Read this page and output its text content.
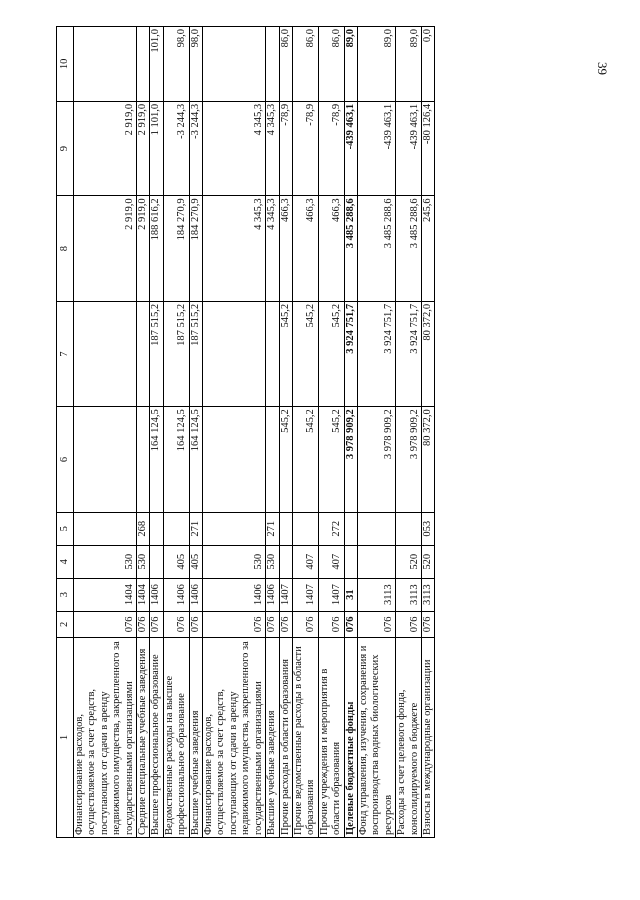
39
1	2	3	4	5	6	7	8	9	10
Финансирование расходов, осуществляемое за счет средств, поступающих от сдачи в аренду недвижимого имущества, закрепленного за государственными организациями	076	1404	530				2 919,0	2 919,0	
Средние специальные учебные заведения	076	1404	530	268			2 919,0	2 919,0	
Высшее профессиональное образование	076	1406			164 124,5	187 515,2	188 616,2	1 101,0	101,0
Ведомственные расходы на высшее профессиональное образование	076	1406	405		164 124,5	187 515,2	184 270,9	-3 244,3	98,0
Высшие учебные заведения	076	1406	405	271	164 124,5	187 515,2	184 270,9	-3 244,3	98,0
Финансирование расходов, осуществляемое за счет средств, поступающих от сдачи в аренду недвижимого имущества, закрепленного за государственными организациями	076	1406	530				4 345,3	4 345,3	
Высшие учебные заведения	076	1406	530	271			4 345,3	4 345,3	
Прочие расходы в области образования	076	1407			545,2	545,2	466,3	-78,9	86,0
Прочие ведомственные расходы в области образования	076	1407	407		545,2	545,2	466,3	-78,9	86,0
Прочие учреждения и мероприятия в области образования	076	1407	407	272	545,2	545,2	466,3	-78,9	86,0
Целевые бюджетные фонды	076	31			3 978 909,2	3 924 751,7	3 485 288,6	-439 463,1	89,0
Фонд управления, изучения, сохранения и воспроизводства водных биологических ресурсов	076	3113			3 978 909,2	3 924 751,7	3 485 288,6	-439 463,1	89,0
Расходы за счет целевого фонда, консолидируемого в бюджете	076	3113	520		3 978 909,2	3 924 751,7	3 485 288,6	-439 463,1	89,0
Взносы в международные организации	076	3113	520	053	80 372,0	80 372,0	245,6	-80 126,4	0,0
